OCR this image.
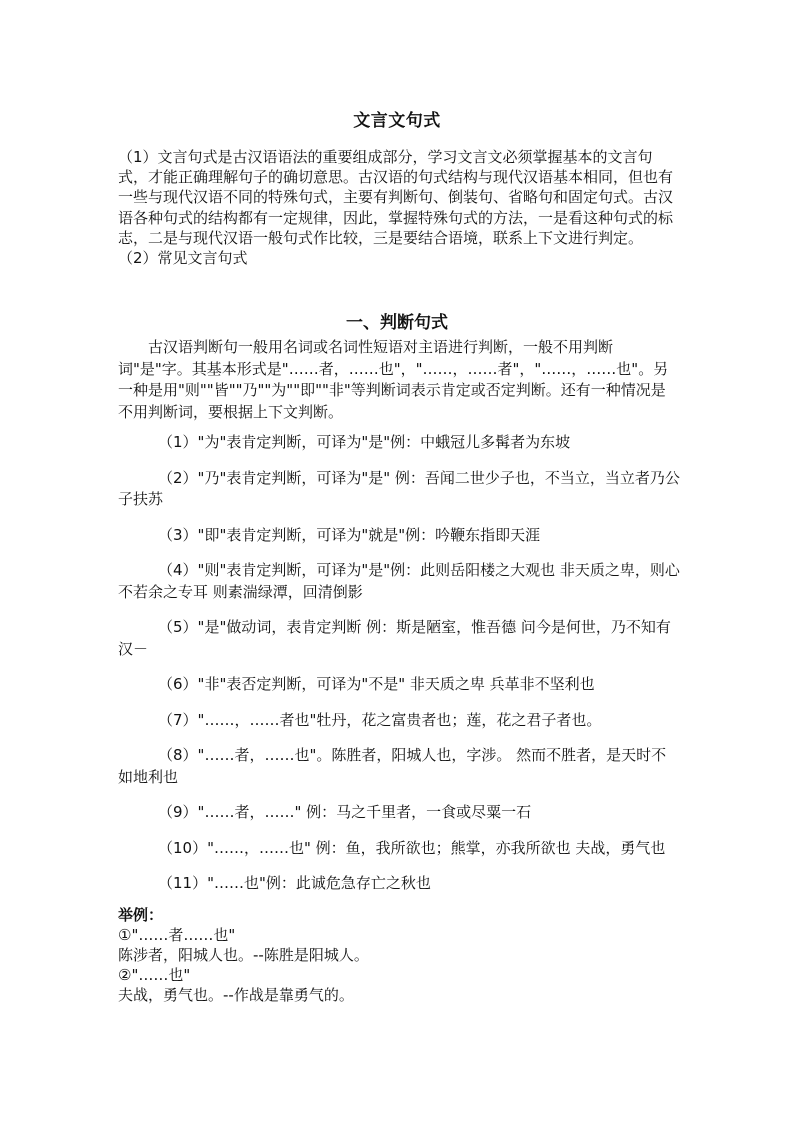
文言文句式

（1）文言句式是古汉语语法的重要组成部分，学习文言文必须掌握基本的文言句式，才能正确理解句子的确切意思。古汉语的句式结构与现代汉语基本相同，但也有一些与现代汉语不同的特殊句式，主要有判断句、倒装句、省略句和固定句式。古汉语各种句式的结构都有一定规律，因此，掌握特殊句式的方法，一是看这种句式的标志，二是与现代汉语一般句式作比较，三是要结合语境，联系上下文进行判定。

（2）常见文言句式

一、判断句式

古汉语判断句一般用名词或名词性短语对主语进行判断，一般不用判断词"是"字。其基本形式是"……者，……也"，"……，……者"，"……，……也"。另一种是用"则""皆""乃""为""即""非"等判断词表示肯定或否定判断。还有一种情况是不用判断词，要根据上下文判断。

（1）"为"表肯定判断，可译为"是"例：中蛾冠儿多髯者为东坡

（2）"乃"表肯定判断，可译为"是" 例：吾闻二世少子也，不当立，当立者乃公子扶苏

（3）"即"表肯定判断，可译为"就是"例：吟鞭东指即天涯

（4）"则"表肯定判断，可译为"是"例：此则岳阳楼之大观也 非天质之卑，则心不若余之专耳 则素湍绿潭，回清倒影

（5）"是"做动词，表肯定判断 例：斯是陋室，惟吾德 问今是何世，乃不知有汉－

（6）"非"表否定判断，可译为"不是" 非天质之卑 兵革非不坚利也

（7）"……，……者也"牡丹，花之富贵者也；莲，花之君子者也。

（8）"……者，……也"。陈胜者，阳城人也，字涉。 然而不胜者，是天时不如地利也

（9）"……者，……" 例：马之千里者，一食或尽粟一石

（10）"……，……也" 例：鱼，我所欲也；熊掌，亦我所欲也 夫战，勇气也

（11）"……也"例：此诚危急存亡之秋也

举例：

①"……者……也"

陈涉者，阳城人也。--陈胜是阳城人。

②"……也"

夫战，勇气也。--作战是靠勇气的。
